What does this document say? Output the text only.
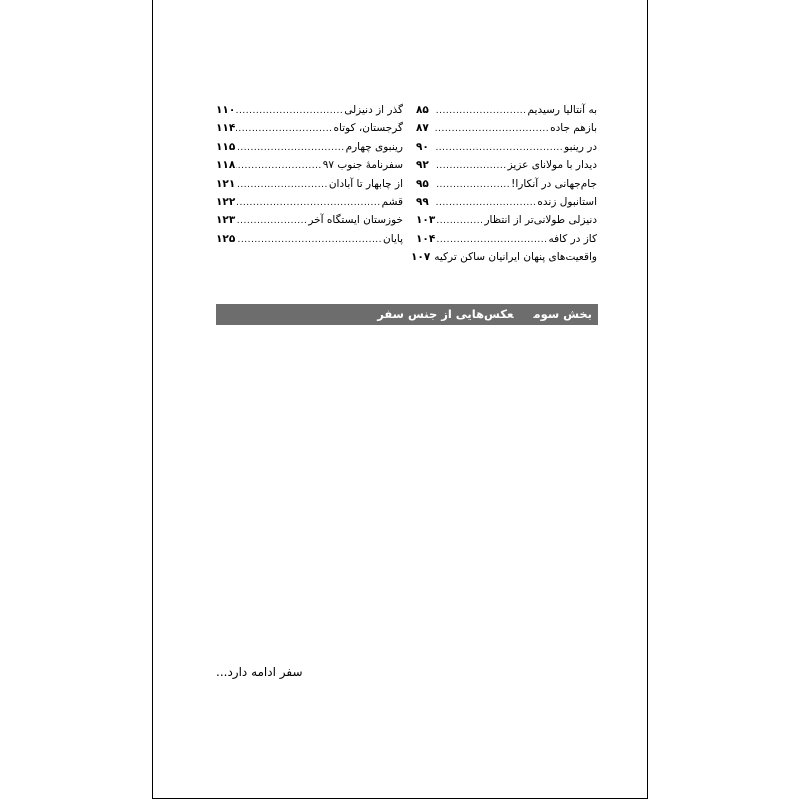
به آنتالیا رسیدیم
.....
۸۵
بازهم جاده
.....
۸۷
در رینبو
.....
۹۰
دیدار با مولانای عزیز
.....
۹۲
جام‌جهانی در آنکارا!
.....
۹۵
استانبول زنده
.....
۹۹
دنیزلی طولانی‌تر از انتظار
.....
۱۰۳
کاز در کافه
.....
۱۰۴
واقعیت‌های پنهان ایرانیان ساکن ترکیه
۱۰۷
گذر از دنیزلی
.....
۱۱۰
گرجستان، کوتاه
.....
۱۱۴
رینبوی چهارم
.....
۱۱۵
سفرنامهٔ جنوب ۹۷
.....
۱۱۸
از چابهار تا آبادان
.....
۱۲۱
قشم
.....
۱۲۲
خوزستان ایستگاه آخر
.....
۱۲۳
پایان
.....
۱۲۵
بخش سومعکس‌هایی از جنس سفر
سفر ادامه دارد...
